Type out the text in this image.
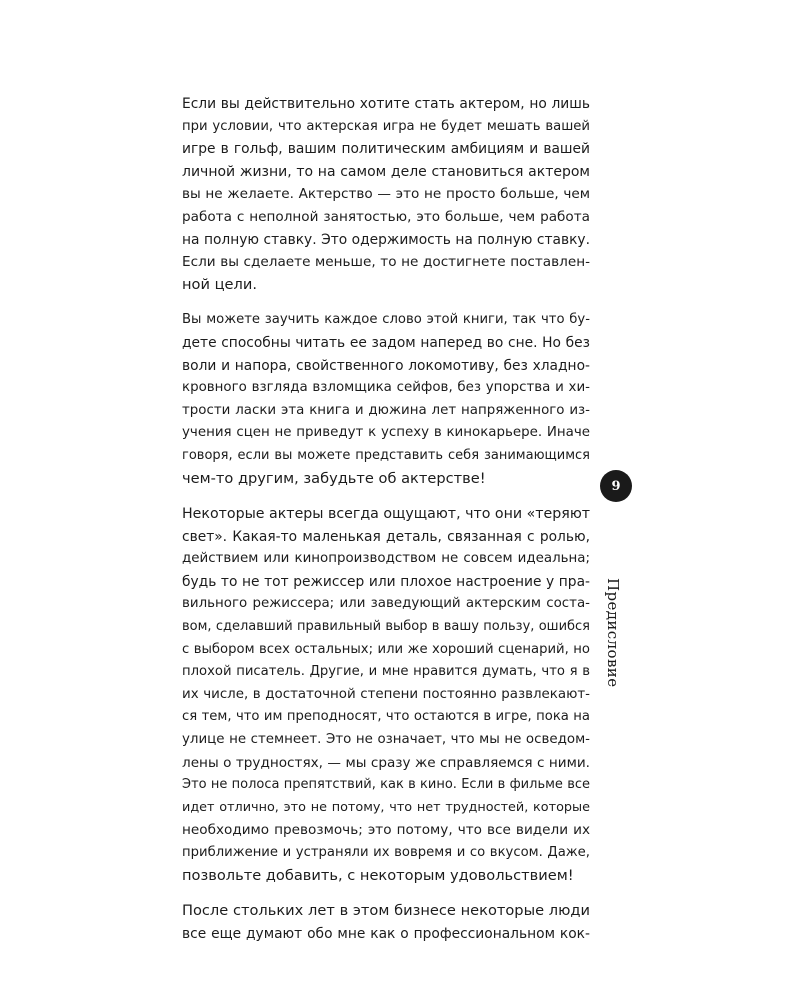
Если вы действительно хотите стать актером, но лишь
при условии, что актерская игра не будет мешать вашей
игре в гольф, вашим политическим амбициям и вашей
личной жизни, то на самом деле становиться актером
вы не желаете. Актерство — это не просто больше, чем
работа с неполной занятостью, это больше, чем работа
на полную ставку. Это одержимость на полную ставку.
Если вы сделаете меньше, то не достигнете поставлен-
ной цели.
Вы можете заучить каждое слово этой книги, так что бу-
дете способны читать ее задом наперед во сне. Но без
воли и напора, свойственного локомотиву, без хладно-
кровного взгляда взломщика сейфов, без упорства и хи-
трости ласки эта книга и дюжина лет напряженного из-
учения сцен не приведут к успеху в кинокарьере. Иначе
говоря, если вы можете представить себя занимающимся
чем-то другим, забудьте об актерстве!
Некоторые актеры всегда ощущают, что они «теряют
свет». Какая-то маленькая деталь, связанная с ролью,
действием или кинопроизводством не совсем идеальна;
будь то не тот режиссер или плохое настроение у пра-
вильного режиссера; или заведующий актерским соста-
вом, сделавший правильный выбор в вашу пользу, ошибся
с выбором всех остальных; или же хороший сценарий, но
плохой писатель. Другие, и мне нравится думать, что я в
их числе, в достаточной степени постоянно развлекают-
ся тем, что им преподносят, что остаются в игре, пока на
улице не стемнеет. Это не означает, что мы не осведом-
лены о трудностях, — мы сразу же справляемся с ними.
Это не полоса препятствий, как в кино. Если в фильме все
идет отлично, это не потому, что нет трудностей, которые
необходимо превозмочь; это потому, что все видели их
приближение и устраняли их вовремя и со вкусом. Даже,
позвольте добавить, с некоторым удовольствием!
После стольких лет в этом бизнесе некоторые люди
все еще думают обо мне как о профессиональном кок-
9
Предисловие
